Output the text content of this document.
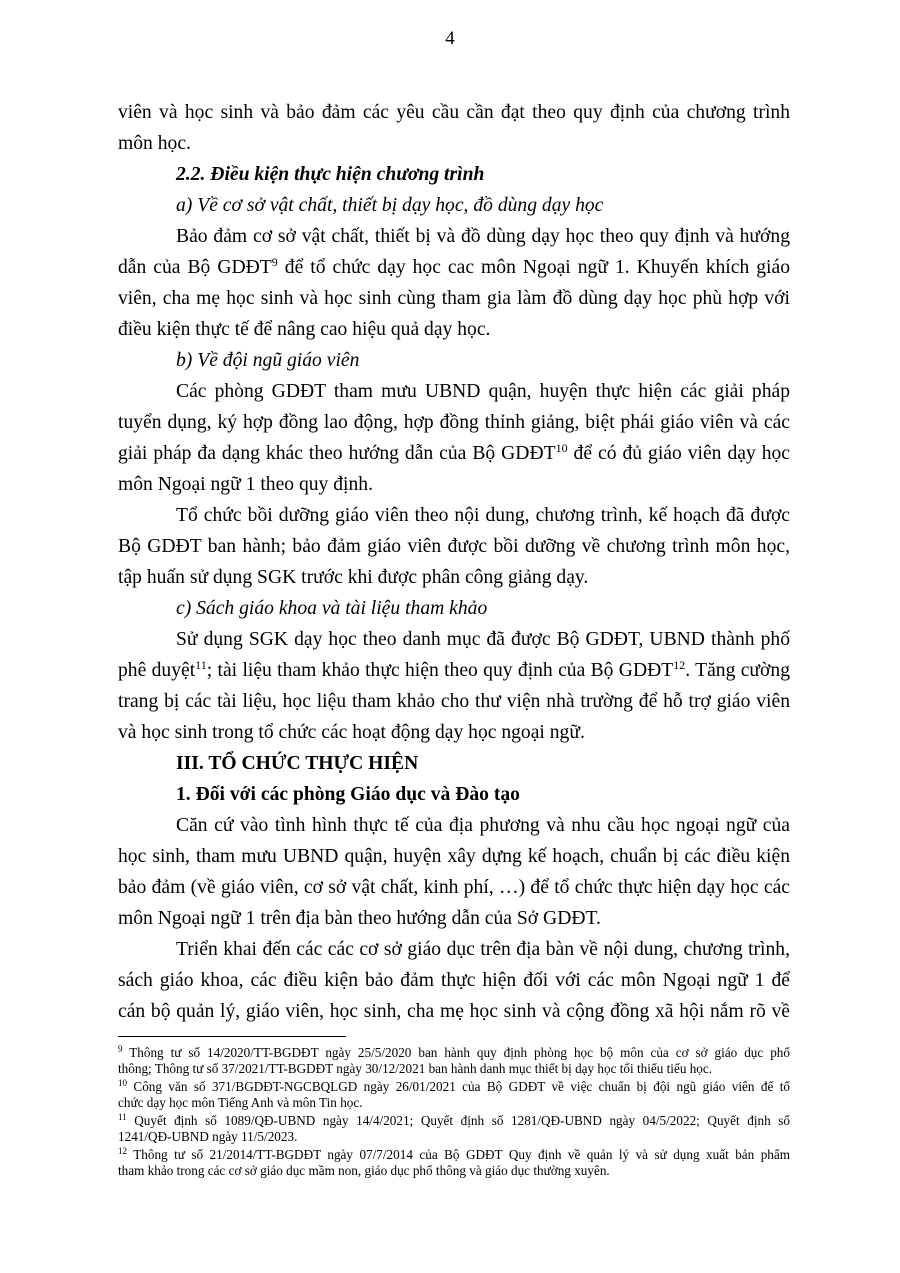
4
viên và học sinh và bảo đảm các yêu cầu cần đạt theo quy định của chương trình
môn học.
2.2. Điều kiện thực hiện chương trình
a) Về cơ sở vật chất, thiết bị dạy học, đồ dùng dạy học
Bảo đảm cơ sở vật chất, thiết bị và đồ dùng dạy học theo quy định và hướng
dẫn của Bộ GDĐT$^9$ để tổ chức dạy học cac môn Ngoại ngữ 1. Khuyến khích giáo
viên, cha mẹ học sinh và học sinh cùng tham gia làm đồ dùng dạy học phù hợp với
điều kiện thực tế để nâng cao hiệu quả dạy học.
b) Về đội ngũ giáo viên
Các phòng GDĐT tham mưu UBND quận, huyện thực hiện các giải pháp
tuyển dụng, ký hợp đồng lao động, hợp đồng thỉnh giảng, biệt phái giáo viên và các
giải pháp đa dạng khác theo hướng dẫn của Bộ GDĐT$^{10}$ để có đủ giáo viên dạy học
môn Ngoại ngữ 1 theo quy định.
Tổ chức bồi dưỡng giáo viên theo nội dung, chương trình, kế hoạch đã được
Bộ GDĐT ban hành; bảo đảm giáo viên được bồi dưỡng về chương trình môn học,
tập huấn sử dụng SGK trước khi được phân công giảng dạy.
c) Sách giáo khoa và tài liệu tham khảo
Sử dụng SGK dạy học theo danh mục đã được Bộ GDĐT, UBND thành phố
phê duyệt$^{11}$; tài liệu tham khảo thực hiện theo quy định của Bộ GDĐT$^{12}$. Tăng cường
trang bị các tài liệu, học liệu tham khảo cho thư viện nhà trường để hỗ trợ giáo viên
và học sinh trong tổ chức các hoạt động dạy học ngoại ngữ.
III. TỔ CHỨC THỰC HIỆN
1. Đối với các phòng Giáo dục và Đào tạo
Căn cứ vào tình hình thực tế của địa phương và nhu cầu học ngoại ngữ của
học sinh, tham mưu UBND quận, huyện xây dựng kế hoạch, chuẩn bị các điều kiện
bảo đảm (về giáo viên, cơ sở vật chất, kinh phí, …) để tổ chức thực hiện dạy học các
môn Ngoại ngữ 1 trên địa bàn theo hướng dẫn của Sở GDĐT.
Triển khai đến các các cơ sở giáo dục trên địa bàn về nội dung, chương trình,
sách giáo khoa, các điều kiện bảo đảm thực hiện đối với các môn Ngoại ngữ 1 để
cán bộ quản lý, giáo viên, học sinh, cha mẹ học sinh và cộng đồng xã hội nắm rõ về
$^9$ Thông tư số 14/2020/TT-BGDĐT ngày 25/5/2020 ban hành quy định phòng học bộ môn của cơ sở giáo dục phổ
thông; Thông tư số 37/2021/TT-BGDĐT ngày 30/12/2021 ban hành danh mục thiết bị dạy học tối thiểu tiểu học.
$^{10}$ Công văn số 371/BGDĐT-NGCBQLGD ngày 26/01/2021 của Bộ GDĐT về việc chuẩn bị đội ngũ giáo viên để tổ
chức dạy học môn Tiếng Anh và môn Tin học.
$^{11}$ Quyết định số 1089/QĐ-UBND ngày 14/4/2021; Quyết định số 1281/QĐ-UBND ngày 04/5/2022; Quyết định số
1241/QĐ-UBND ngày 11/5/2023.
$^{12}$ Thông tư số 21/2014/TT-BGDĐT ngày 07/7/2014 của Bộ GDĐT Quy định về quản lý và sử dụng xuất bản phẩm
tham khảo trong các cơ sở giáo dục mầm non, giáo dục phổ thông và giáo dục thường xuyên.
